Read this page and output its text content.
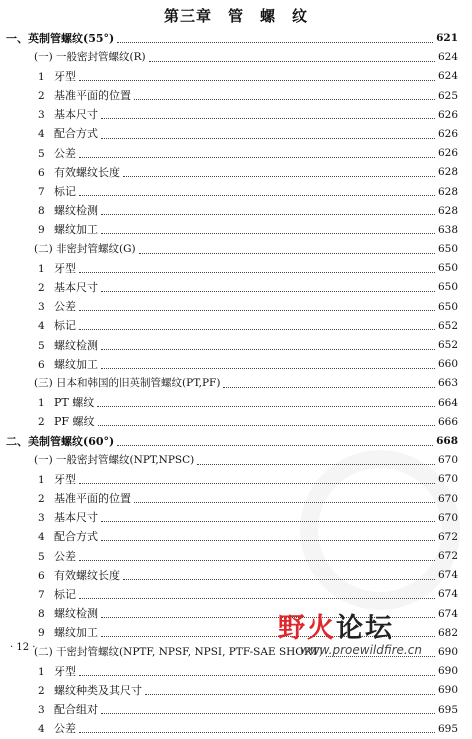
第三章　管　螺　纹
一、英制管螺纹(55°)	621
(一) 一般密封管螺纹(R)	624
1 牙型	624
2 基准平面的位置	625
3 基本尺寸	626
4 配合方式	626
5 公差	626
6 有效螺纹长度	628
7 标记	628
8 螺纹检测	628
9 螺纹加工	638
(二) 非密封管螺纹(G)	650
1 牙型	650
2 基本尺寸	650
3 公差	650
4 标记	652
5 螺纹检测	652
6 螺纹加工	660
(三) 日本和韩国的旧英制管螺纹(PT,PF)	663
1 PT 螺纹	664
2 PF 螺纹	666
二、美制管螺纹(60°)	668
(一) 一般密封管螺纹(NPT,NPSC)	670
1 牙型	670
2 基准平面的位置	670
3 基本尺寸	670
4 配合方式	672
5 公差	672
6 有效螺纹长度	674
7 标记	674
8 螺纹检测	674
9 螺纹加工	682
(二) 干密封管螺纹(NPTF, NPSF, NPSI, PTF-SAE SHORT)	690
1 牙型	690
2 螺纹种类及其尺寸	690
3 配合组对	695
4 公差	695
· 12 ·
野火论坛
www.proewildfire.cn
